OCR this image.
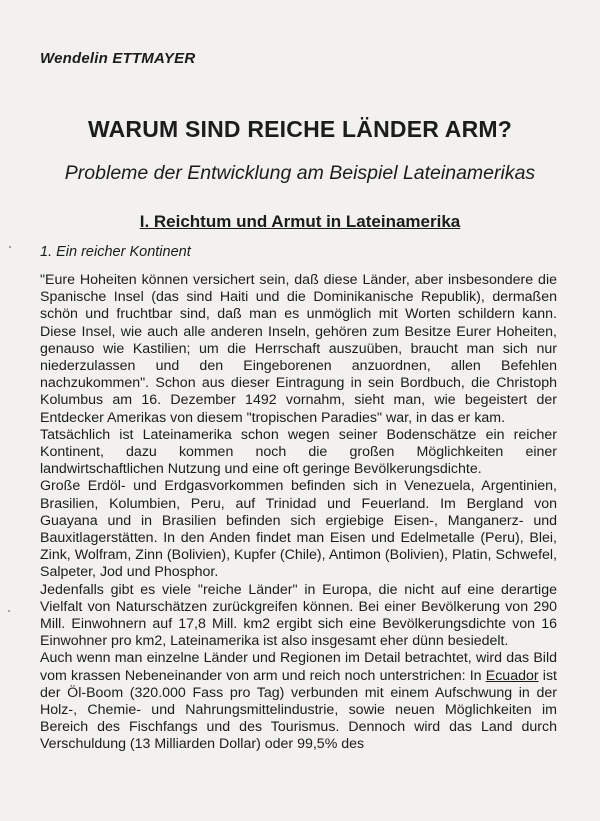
Wendelin ETTMAYER
WARUM SIND REICHE LÄNDER ARM?
Probleme der Entwicklung am Beispiel Lateinamerikas
I. Reichtum und Armut in Lateinamerika
1. Ein reicher Kontinent

"Eure Hoheiten können versichert sein, daß diese Länder, aber insbesondere die Spanische Insel (das sind Haiti und die Dominikanische Republik), dermaßen schön und fruchtbar sind, daß man es unmöglich mit Worten schildern kann. Diese Insel, wie auch alle anderen Inseln, gehören zum Besitze Eurer Hoheiten, genauso wie Kastilien; um die Herrschaft auszuüben, braucht man sich nur niederzulassen und den Eingeborenen anzuordnen, allen Befehlen nachzukommen". Schon aus dieser Eintragung in sein Bordbuch, die Christoph Kolumbus am 16. Dezember 1492 vornahm, sieht man, wie begeistert der Entdecker Amerikas von diesem "tropischen Paradies" war, in das er kam.

Tatsächlich ist Lateinamerika schon wegen seiner Bodenschätze ein reicher Kontinent, dazu kommen noch die großen Möglichkeiten einer landwirtschaftlichen Nutzung und eine oft geringe Bevölkerungsdichte.

Große Erdöl- und Erdgasvorkommen befinden sich in Venezuela, Argentinien, Brasilien, Kolumbien, Peru, auf Trinidad und Feuerland. Im Bergland von Guayana und in Brasilien befinden sich ergiebige Eisen-, Manganerz- und Bauxitlagerstätten. In den Anden findet man Eisen und Edelmetalle (Peru), Blei, Zink, Wolfram, Zinn (Bolivien), Kupfer (Chile), Antimon (Bolivien), Platin, Schwefel, Salpeter, Jod und Phosphor.

Jedenfalls gibt es viele "reiche Länder" in Europa, die nicht auf eine derartige Vielfalt von Naturschätzen zurückgreifen können. Bei einer Bevölkerung von 290 Mill. Einwohnern auf 17,8 Mill. km2 ergibt sich eine Bevölkerungsdichte von 16 Einwohner pro km2, Lateinamerika ist also insgesamt eher dünn besiedelt.

Auch wenn man einzelne Länder und Regionen im Detail betrachtet, wird das Bild vom krassen Nebeneinander von arm und reich noch unterstrichen: In Ecuador ist der Öl-Boom (320.000 Fass pro Tag) verbunden mit einem Aufschwung in der Holz-, Chemie- und Nahrungsmittelindustrie, sowie neuen Möglichkeiten im Bereich des Fischfangs und des Tourismus. Dennoch wird das Land durch Verschuldung (13 Milliarden Dollar) oder 99,5% des
